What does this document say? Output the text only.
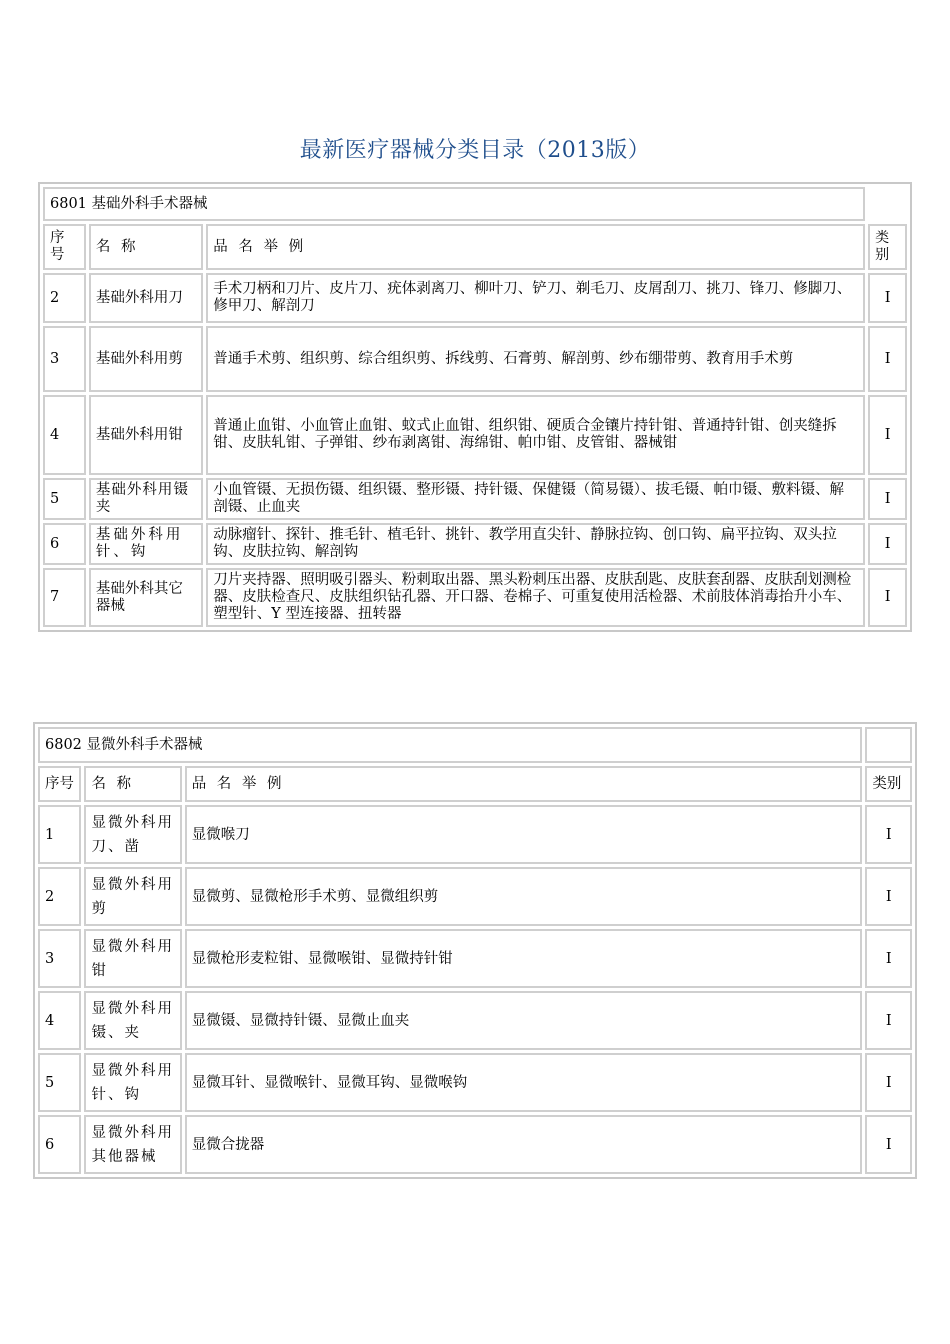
最新医疗器械分类目录（2013版）
6801 基础外科手术器械			
序号	名 称	品 名 举 例	类别
2	基础外科用刀	手术刀柄和刀片、皮片刀、疣体剥离刀、柳叶刀、铲刀、剃毛刀、皮屑刮刀、挑刀、锋刀、修脚刀、修甲刀、解剖刀	I
3	基础外科用剪	普通手术剪、组织剪、综合组织剪、拆线剪、石膏剪、解剖剪、纱布绷带剪、教育用手术剪	I
4	基础外科用钳	普通止血钳、小血管止血钳、蚊式止血钳、组织钳、硬质合金镶片持针钳、普通持针钳、创夹缝拆钳、皮肤轧钳、子弹钳、纱布剥离钳、海绵钳、帕巾钳、皮管钳、器械钳	I
5	基础外科用镊夹	小血管镊、无损伤镊、组织镊、整形镊、持针镊、保健镊（简易镊）、拔毛镊、帕巾镊、敷料镊、解剖镊、止血夹	I
6	基础外科用针、钩	动脉瘤针、探针、推毛针、植毛针、挑针、教学用直尖针、静脉拉钩、创口钩、扁平拉钩、双头拉钩、皮肤拉钩、解剖钩	I
7	基础外科其它器械	刀片夹持器、照明吸引器头、粉刺取出器、黑头粉刺压出器、皮肤刮匙、皮肤套刮器、皮肤刮划测检器、皮肤检查尺、皮肤组织钻孔器、开口器、卷棉子、可重复使用活检器、术前肢体消毒抬升小车、塑型针、Y 型连接器、扭转器	I
6802 显微外科手术器械			
序号	名 称	品 名 举 例	类别
1	显微外科用刀、凿	显微喉刀	I
2	显微外科用剪	显微剪、显微枪形手术剪、显微组织剪	I
3	显微外科用钳	显微枪形麦粒钳、显微喉钳、显微持针钳	I
4	显微外科用镊、夹	显微镊、显微持针镊、显微止血夹	I
5	显微外科用针、钩	显微耳针、显微喉针、显微耳钩、显微喉钩	I
6	显微外科用其他器械	显微合拢器	I
